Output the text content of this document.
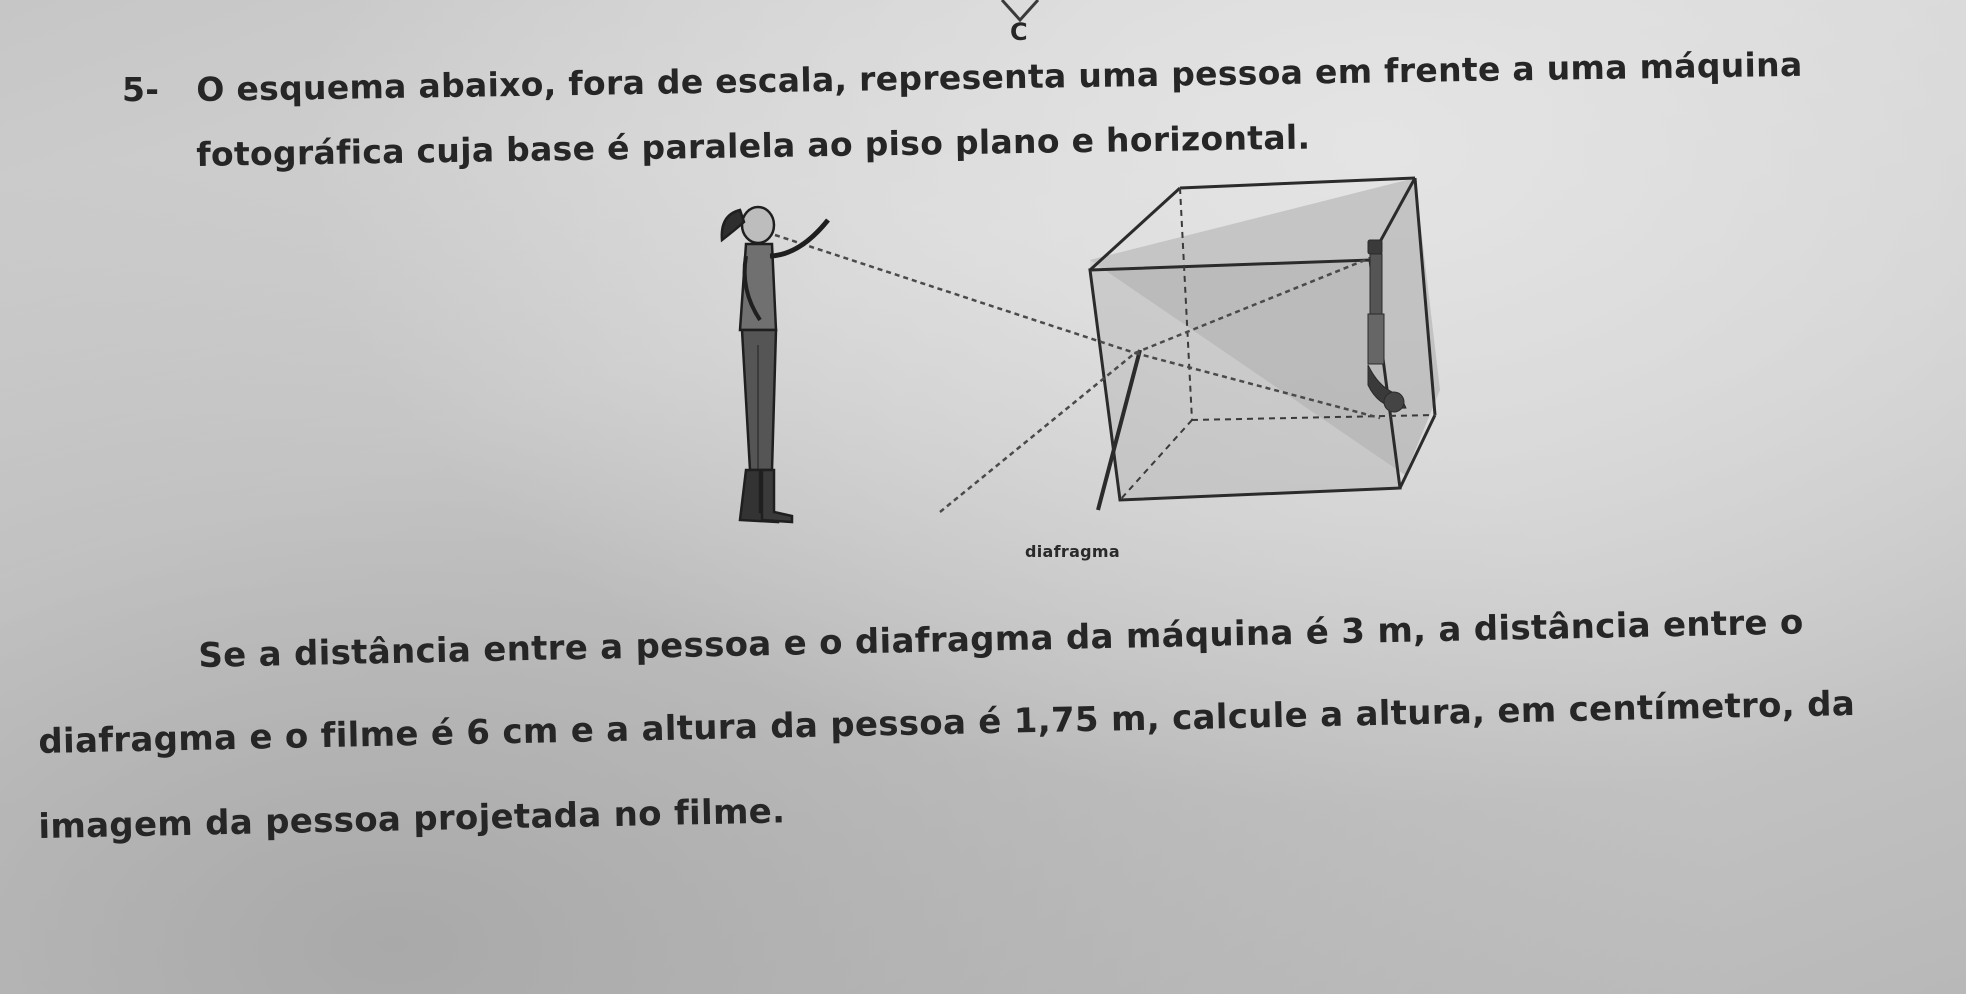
C
5- O esquema abaixo, fora de escala, representa uma pessoa em frente a uma máquina
fotográfica cuja base é paralela ao piso plano e horizontal.
diafragma
Se a distância entre a pessoa e o diafragma da máquina é 3 m, a distância entre o
diafragma e o filme é 6 cm e a altura da pessoa é 1,75 m, calcule a altura, em centímetro, da
imagem da pessoa projetada no filme.
